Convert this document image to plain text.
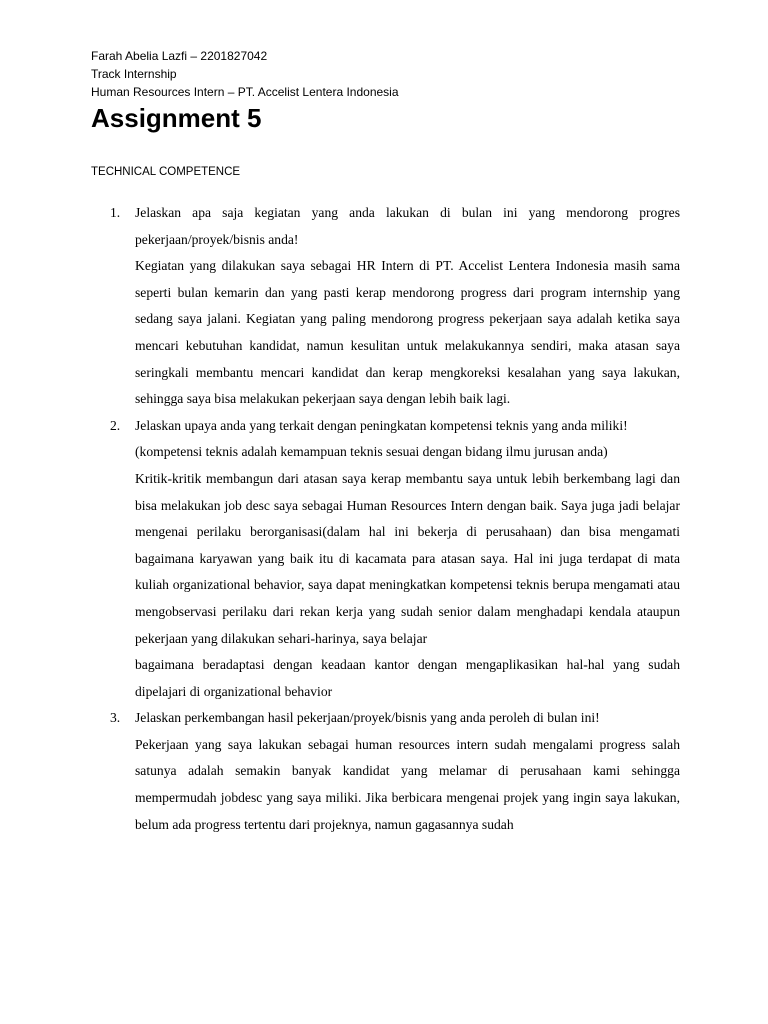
Farah Abelia Lazfi – 2201827042
Track Internship
Human Resources Intern – PT. Accelist Lentera Indonesia
Assignment 5
TECHNICAL COMPETENCE
1. Jelaskan apa saja kegiatan yang anda lakukan di bulan ini yang mendorong progres pekerjaan/proyek/bisnis anda!

Kegiatan yang dilakukan saya sebagai HR Intern di PT. Accelist Lentera Indonesia masih sama seperti bulan kemarin dan yang pasti kerap mendorong progress dari program internship yang sedang saya jalani. Kegiatan yang paling mendorong progress pekerjaan saya adalah ketika saya mencari kebutuhan kandidat, namun kesulitan untuk melakukannya sendiri, maka atasan saya seringkali membantu mencari kandidat dan kerap mengkoreksi kesalahan yang saya lakukan, sehingga saya bisa melakukan pekerjaan saya dengan lebih baik lagi.

2. Jelaskan upaya anda yang terkait dengan peningkatan kompetensi teknis yang anda miliki!

(kompetensi teknis adalah kemampuan teknis sesuai dengan bidang ilmu jurusan anda)

Kritik-kritik membangun dari atasan saya kerap membantu saya untuk lebih berkembang lagi dan bisa melakukan job desc saya sebagai Human Resources Intern dengan baik. Saya juga jadi belajar mengenai perilaku berorganisasi(dalam hal ini bekerja di perusahaan) dan bisa mengamati bagaimana karyawan yang baik itu di kacamata para atasan saya. Hal ini juga terdapat di mata kuliah organizational behavior, saya dapat meningkatkan kompetensi teknis berupa mengamati atau mengobservasi perilaku dari rekan kerja yang sudah senior dalam menghadapi kendala ataupun pekerjaan yang dilakukan sehari-harinya, saya belajar

bagaimana beradaptasi dengan keadaan kantor dengan mengaplikasikan hal-hal yang sudah dipelajari di organizational behavior

3. Jelaskan perkembangan hasil pekerjaan/proyek/bisnis yang anda peroleh di bulan ini!

Pekerjaan yang saya lakukan sebagai human resources intern sudah mengalami progress salah satunya adalah semakin banyak kandidat yang melamar di perusahaan kami sehingga mempermudah jobdesc yang saya miliki. Jika berbicara mengenai projek yang ingin saya lakukan, belum ada progress tertentu dari projeknya, namun gagasannya sudah
